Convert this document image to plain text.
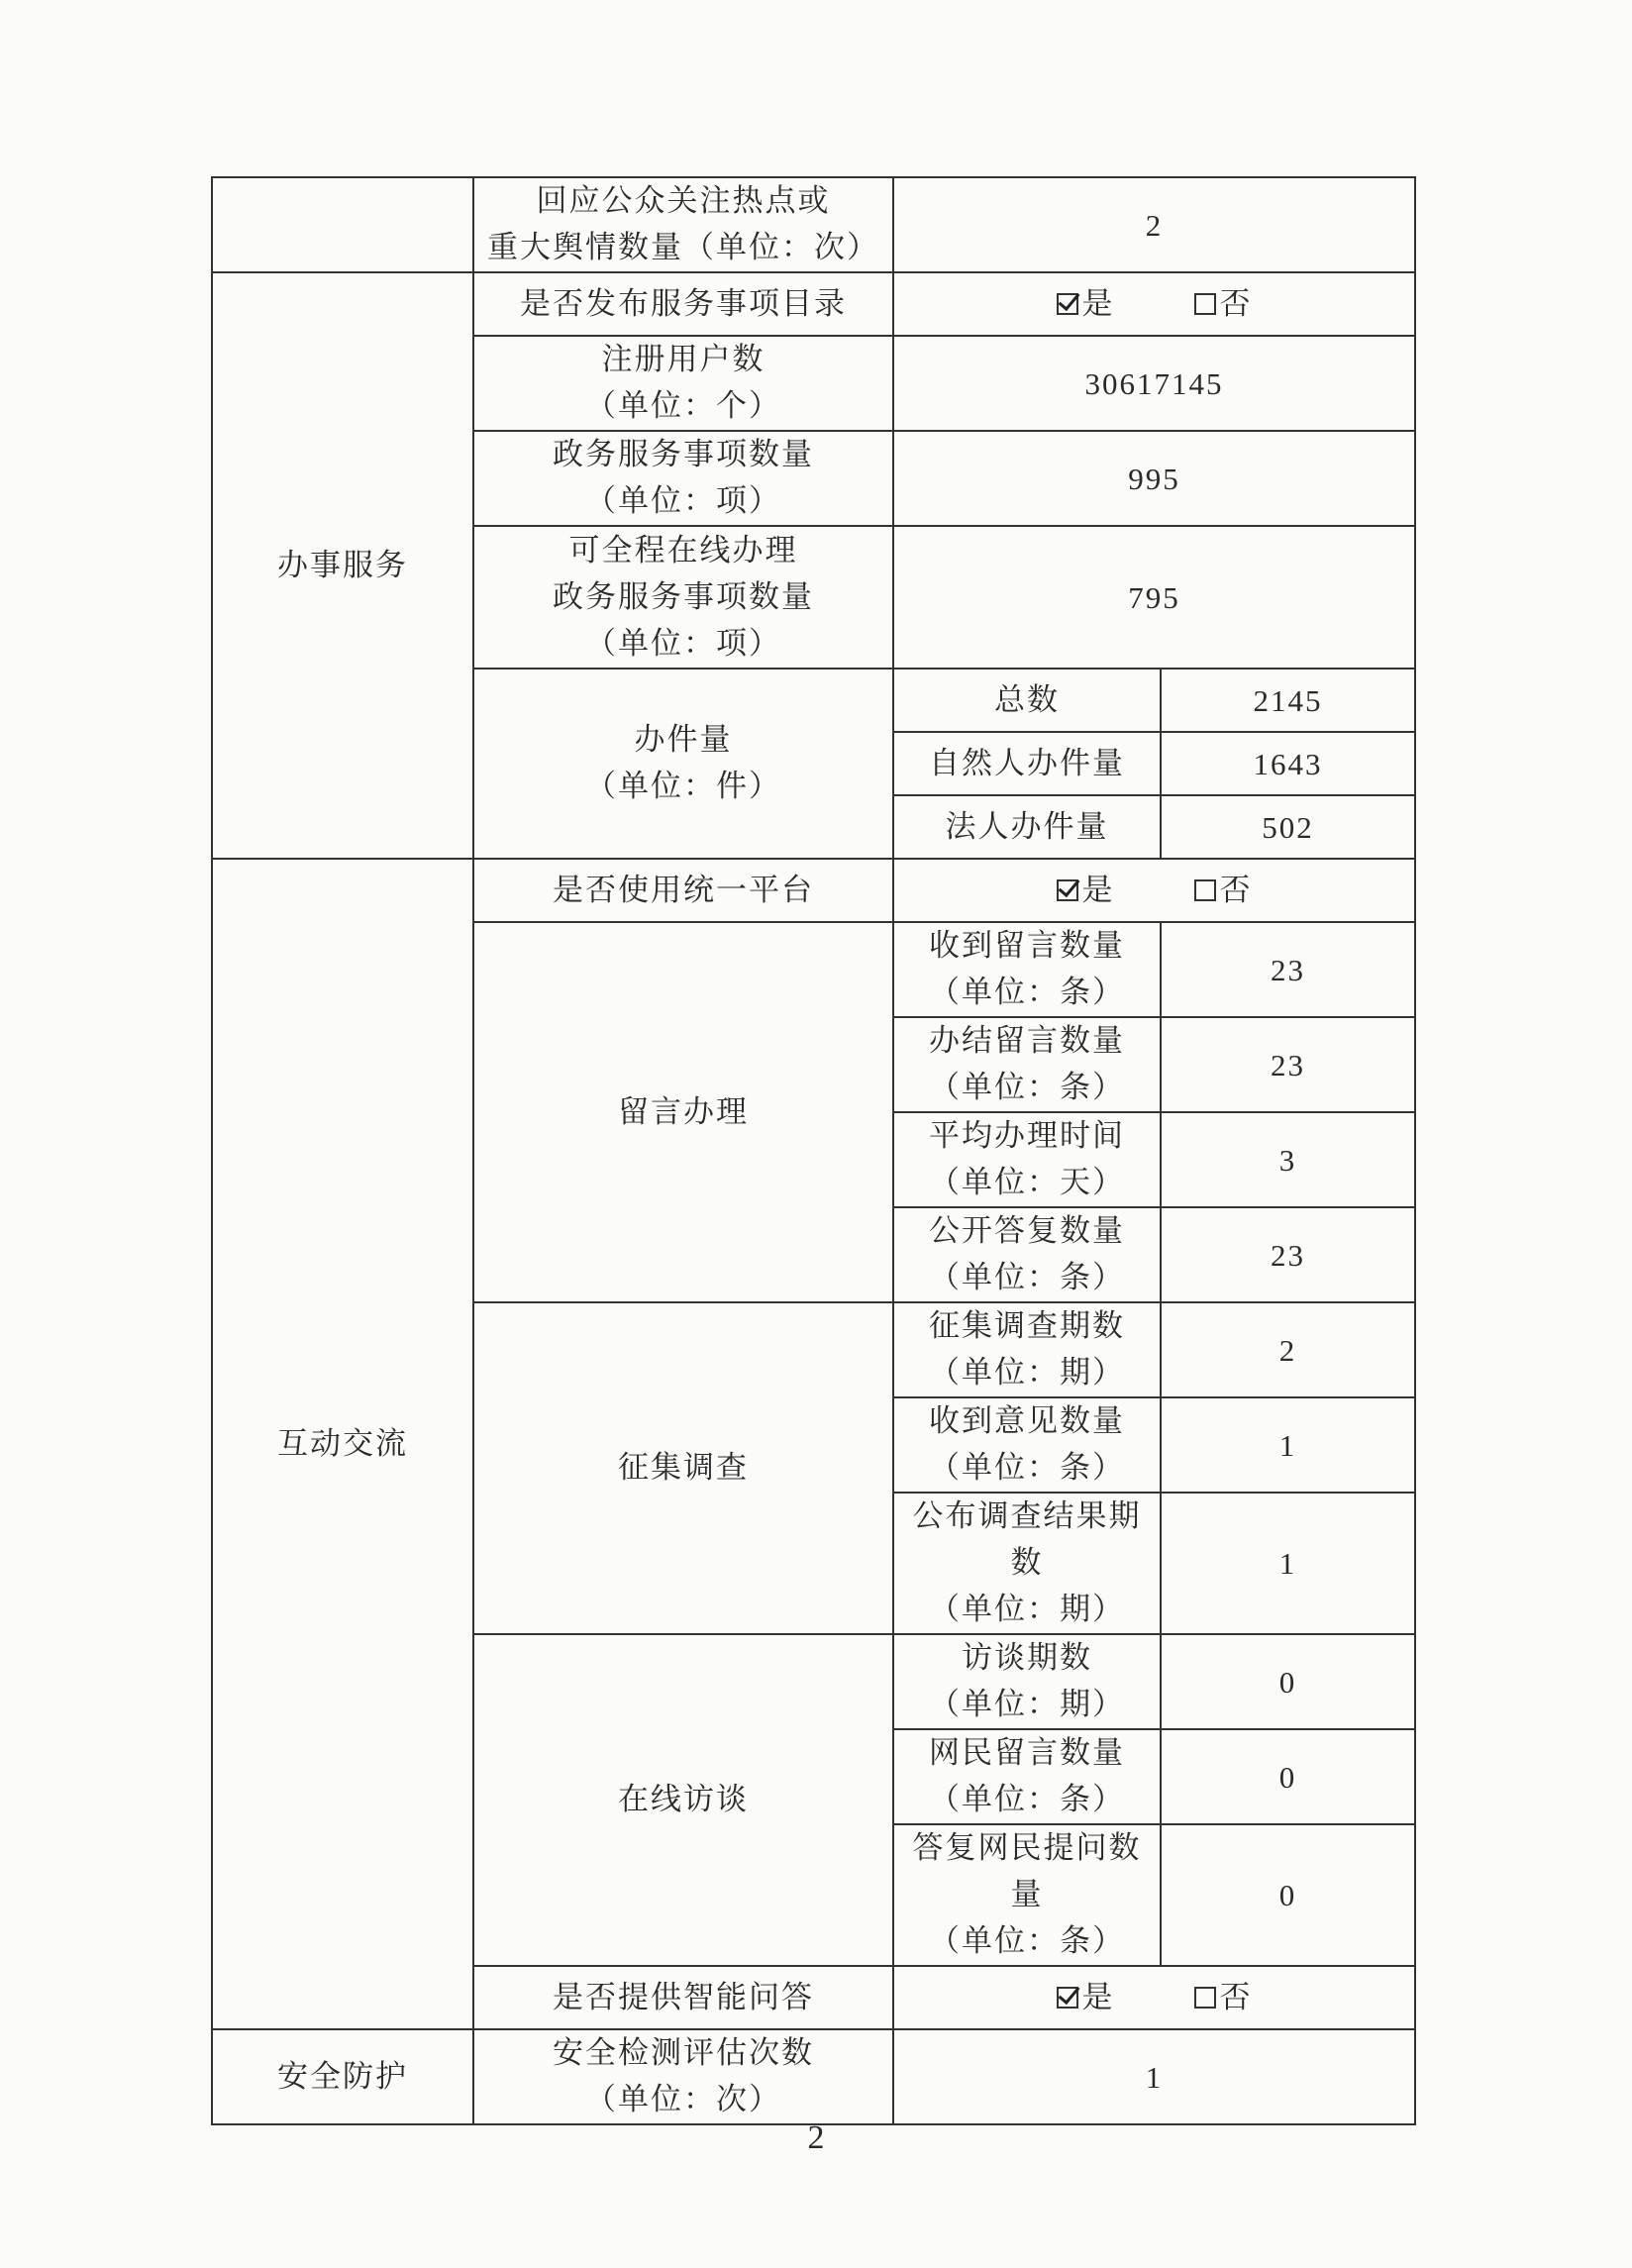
	回应公众关注热点或
重大舆情数量（单位：次）	2	
办事服务	是否发布服务事项目录	是 否	

	注册用户数
（单位：个）	30617145	

	政务服务事项数量
（单位：项）	995	

	可全程在线办理
政务服务事项数量
（单位：项）	795	

	办件量
（单位：件）	总数	2145
		自然人办件量	1643
		法人办件量	502
互动交流	是否使用统一平台	是 否	

	留言办理	收到留言数量
（单位：条）	23

		办结留言数量
（单位：条）	23

		平均办理时间
（单位：天）	3

		公开答复数量
（单位：条）	23
	征集调查	征集调查期数
（单位：期）	2

		收到意见数量
（单位：条）	1

		公布调查结果期数
（单位：期）	1
	在线访谈	访谈期数
（单位：期）	0

		网民留言数量
（单位：条）	0

		答复网民提问数量
（单位：条）	0
	是否提供智能问答	是 否	

安全防护	安全检测评估次数
（单位：次）	1	
2
